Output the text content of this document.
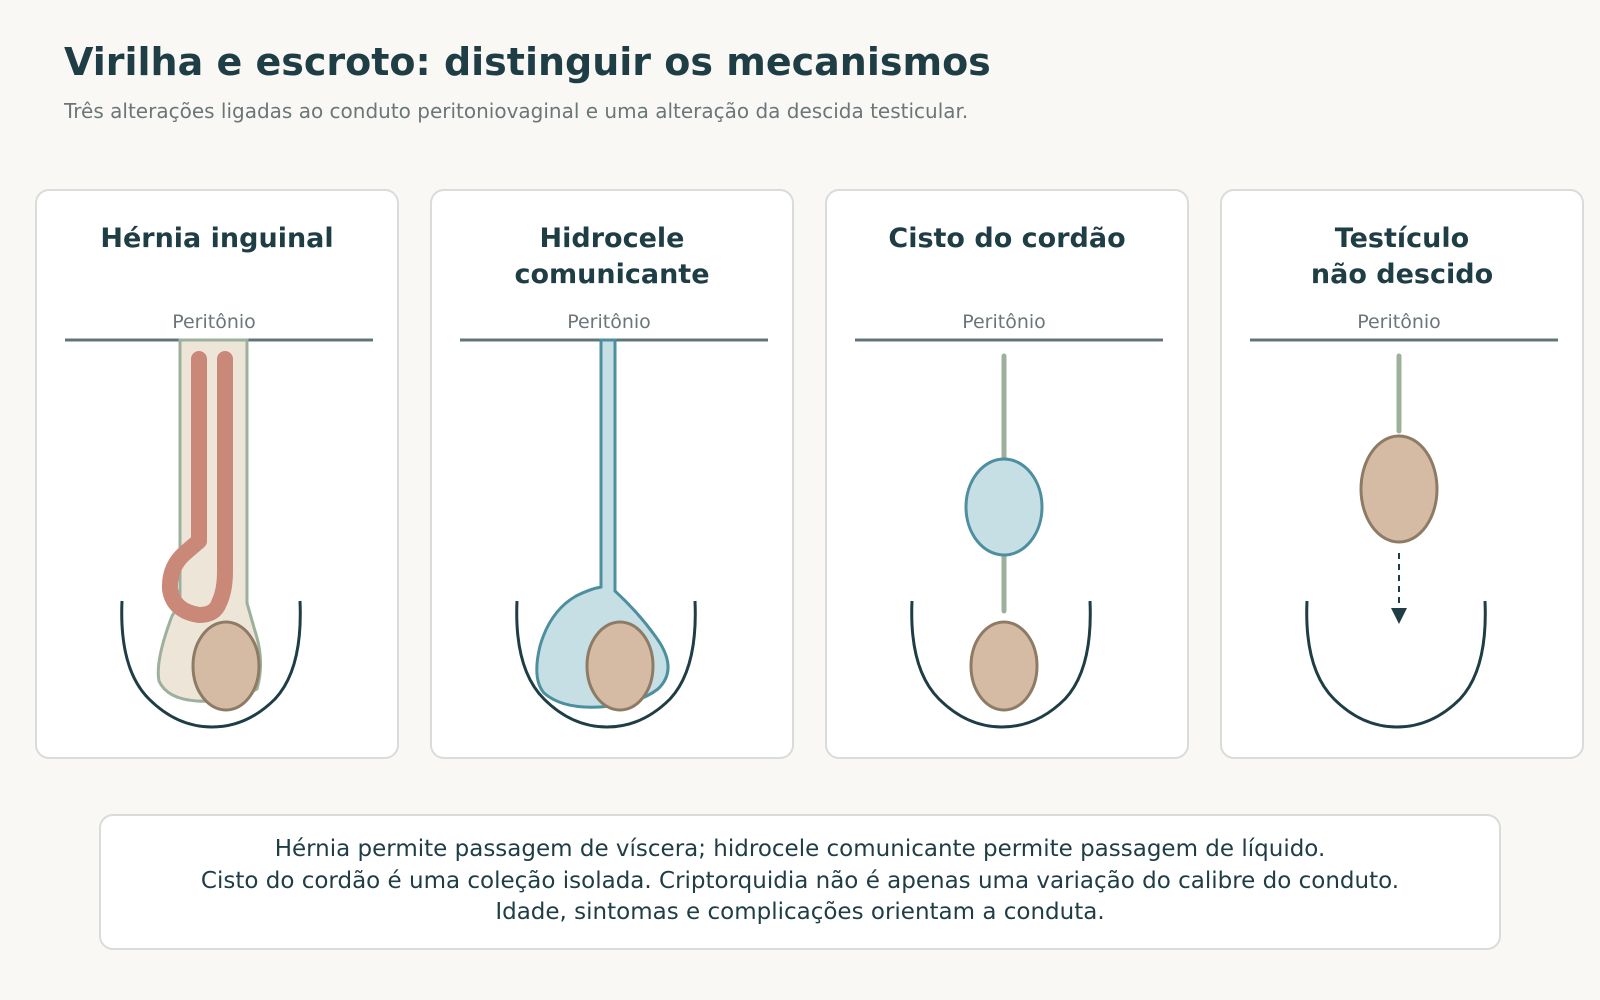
Virilha e escroto: distinguir os mecanismos

Três alterações ligadas ao conduto peritoniovaginal e uma alteração da descida testicular.

Hérnia inguinal
Peritônio
Hidrocele
comunicante
Peritônio
Cisto do cordão
Peritônio
Testículo
não descido
Peritônio
Hérnia permite passagem de víscera; hidrocele comunicante permite passagem de líquido.
Cisto do cordão é uma coleção isolada. Criptorquidia não é apenas uma variação do calibre do conduto.
Idade, sintomas e complicações orientam a conduta.
